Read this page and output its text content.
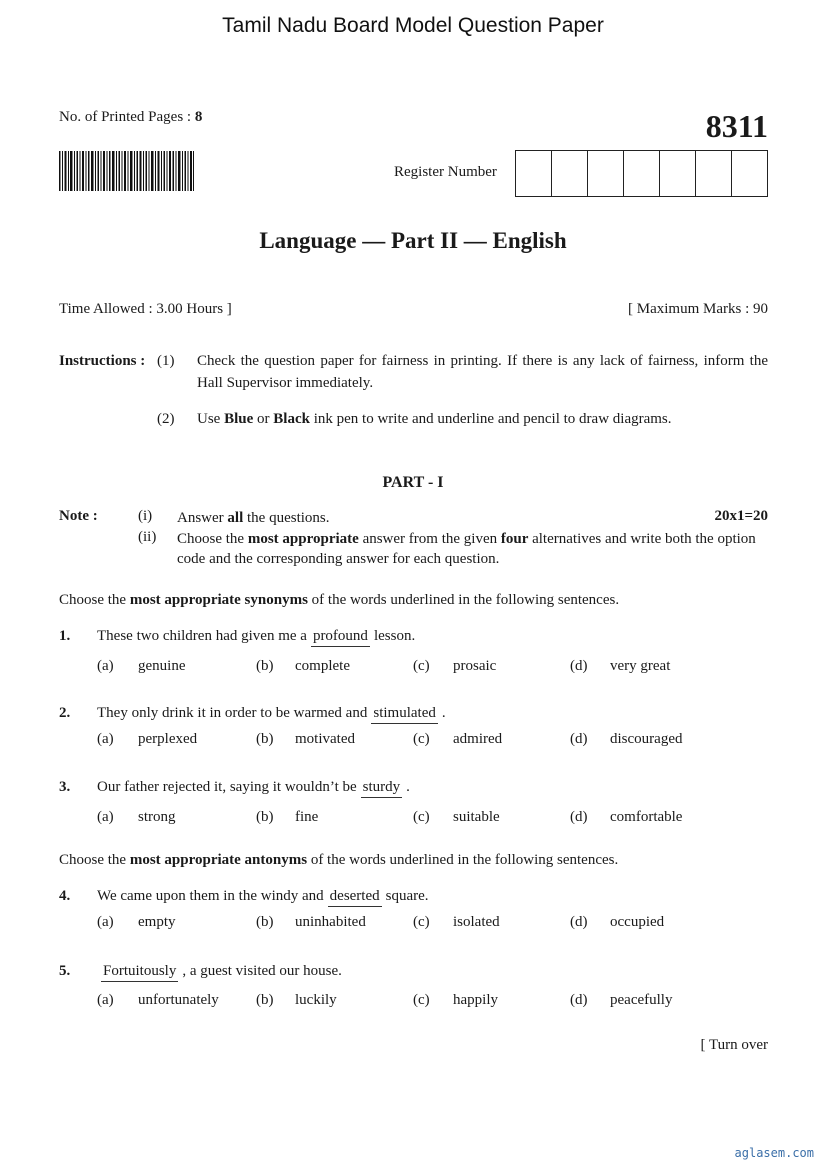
Tamil Nadu Board Model Question Paper
No. of Printed Pages : 8	8311
Register Number
Language — Part II — English
Time Allowed : 3.00 Hours ]	[ Maximum Marks : 90
Instructions : (1) Check the question paper for fairness in printing. If there is any lack of fairness, inform the Hall Supervisor immediately.
(2) Use Blue or Black ink pen to write and underline and pencil to draw diagrams.
PART - I
Note :	(i) Answer all the questions.	20x1=20
(ii) Choose the most appropriate answer from the given four alternatives and write both the option code and the corresponding answer for each question.
Choose the most appropriate synonyms of the words underlined in the following sentences.
1. These two children had given me a profound lesson.
(a) genuine	(b) complete	(c) prosaic	(d) very great
2. They only drink it in order to be warmed and stimulated .
(a) perplexed	(b) motivated	(c) admired	(d) discouraged
3. Our father rejected it, saying it wouldn’t be sturdy .
(a) strong	(b) fine	(c) suitable	(d) comfortable
Choose the most appropriate antonyms of the words underlined in the following sentences.
4. We came upon them in the windy and deserted square.
(a) empty	(b) uninhabited	(c) isolated	(d) occupied
5.	Fortuitously , a guest visited our house.
(a) unfortunately (b) luckily	(c) happily	(d) peacefully
[ Turn over
aglasem.com
